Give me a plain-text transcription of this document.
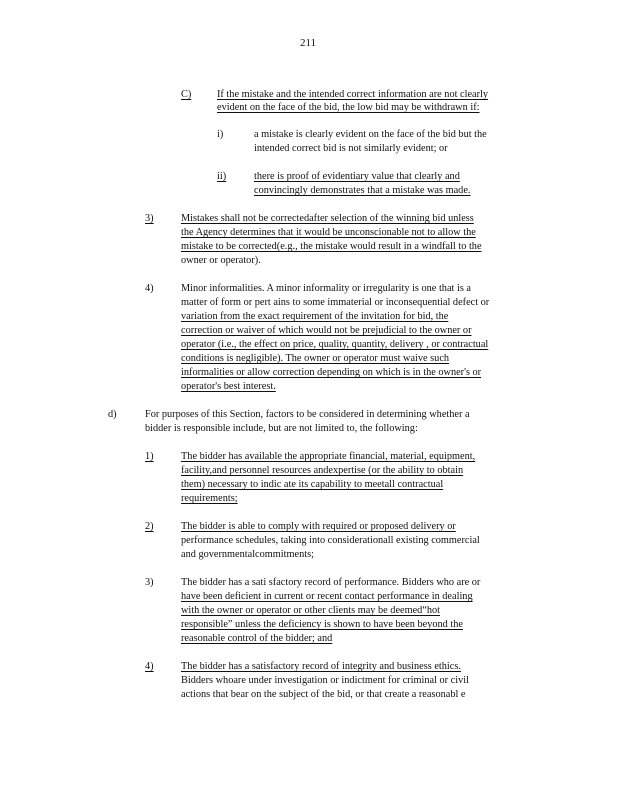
211
C) If the mistake and the intended correct information are not clearly
evident on the face of the bid, the low bid may be withdrawn if:
i)	a mistake is clearly evident on the face of the bid but the
intended correct bid is not similarly evident; or
ii)	there is proof of evidentiary value that clearly and
convincingly demonstrates that a mistake was made.
3)	Mistakes shall not be correctedafter selection of the winning bid unless
the Agency determines that it would be unconscionable not to allow the
mistake to be corrected(e.g., the mistake would result in a windfall to the
owner or operator).
4)	Minor informalities. A minor informality or irregularity is one that is a
matter of form or pert ains to some immaterial or inconsequential defect or
variation from the exact requirement of the invitation for bid, the
correction or waiver of which would not be prejudicial to the owner or
operator (i.e., the effect on price, quality, quantity, delivery , or contractual
conditions is negligible). The owner or operator must waive such
informalities or allow correction depending on which is in the owner's or
operator's best interest.
d)	For purposes of this Section, factors to be considered in determining whether a
bidder is responsible include, but are not limited to, the following:
1)	The bidder has available the appropriate financial, material, equipment,
facility,and personnel resources andexpertise (or the ability to obtain
them) necessary to indic ate its capability to meetall contractual
requirements;
2)	The bidder is able to comply with required or proposed delivery or
performance schedules, taking into considerationall existing commercial
and governmentalcommitments;
3)	The bidder has a sati sfactory record of performance. Bidders who are or
have been deficient in current or recent contact performance in dealing
with the owner or operator or other clients may be deemed“hot
responsible” unless the deficiency is shown to have been beyond the
reasonable control of the bidder; and
4)	The bidder has a satisfactory record of integrity and business ethics.
Bidders whoare under investigation or indictment for criminal or civil
actions that bear on the subject of the bid, or that create a reasonabl e
